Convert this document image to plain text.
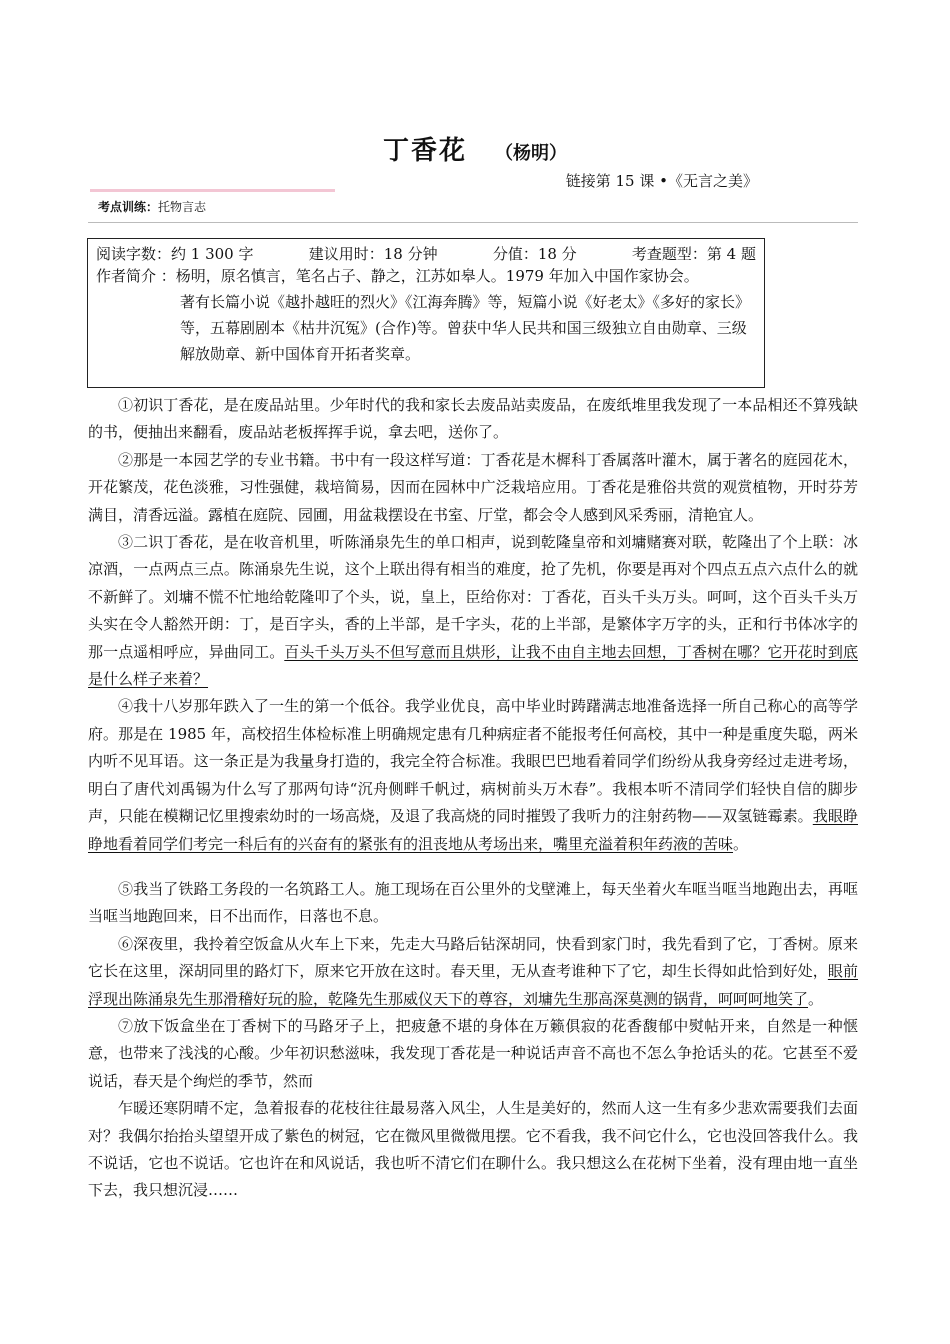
丁香花 （杨明）
链接第 15 课 •《无言之美》
考点训练：托物言志
阅读字数：约 1 300 字	建议用时：18 分钟	分值：18 分	考查题型：第 4 题
作者简介 ：杨明，原名慎言，笔名占子、静之，江苏如皋人。1979 年加入中国作家协会。
著有长篇小说《越扑越旺的烈火》《江海奔腾》等，短篇小说《好老太》《多好的家长》等，五幕剧剧本《枯井沉冤》(合作)等。曾获中华人民共和国三级独立自由勋章、三级解放勋章、新中国体育开拓者奖章。

①初识丁香花，是在废品站里。少年时代的我和家长去废品站卖废品，在废纸堆里我发现了一本品相还不算残缺的书，便抽出来翻看，废品站老板挥挥手说，拿去吧，送你了。

②那是一本园艺学的专业书籍。书中有一段这样写道：丁香花是木樨科丁香属落叶灌木，属于著名的庭园花木，开花繁茂，花色淡雅，习性强健，栽培简易，因而在园林中广泛栽培应用。丁香花是雅俗共赏的观赏植物，开时芬芳满目，清香远溢。露植在庭院、园圃，用盆栽摆设在书室、厅堂，都会令人感到风采秀丽，清艳宜人。

③二识丁香花，是在收音机里，听陈涌泉先生的单口相声，说到乾隆皇帝和刘墉赌赛对联，乾隆出了个上联：冰凉酒，一点两点三点。陈涌泉先生说，这个上联出得有相当的难度，抢了先机，你要是再对个四点五点六点什么的就不新鲜了。刘墉不慌不忙地给乾隆叩了个头，说，皇上，臣给你对：丁香花，百头千头万头。呵呵，这个百头千头万头实在令人豁然开朗：丁，是百字头，香的上半部，是千字头，花的上半部，是繁体字万字的头，正和行书体冰字的那一点遥相呼应，异曲同工。百头千头万头不但写意而且烘形，让我不由自主地去回想，丁香树在哪？它开花时到底是什么样子来着？

④我十八岁那年跌入了一生的第一个低谷。我学业优良，高中毕业时踌躇满志地准备选择一所自己称心的高等学府。那是在 1985 年，高校招生体检标准上明确规定患有几种病症者不能报考任何高校，其中一种是重度失聪，两米内听不见耳语。这一条正是为我量身打造的，我完全符合标准。我眼巴巴地看着同学们纷纷从我身旁经过走进考场，明白了唐代刘禹锡为什么写了那两句诗“沉舟侧畔千帆过，病树前头万木春”。我根本听不清同学们轻快自信的脚步声，只能在模糊记忆里搜索幼时的一场高烧，及退了我高烧的同时摧毁了我听力的注射药物——双氢链霉素。我眼睁睁地看着同学们考完一科后有的兴奋有的紧张有的沮丧地从考场出来，嘴里充溢着积年药液的苦味。

⑤我当了铁路工务段的一名筑路工人。施工现场在百公里外的戈壁滩上，每天坐着火车哐当哐当地跑出去，再哐当哐当地跑回来，日不出而作，日落也不息。

⑥深夜里，我拎着空饭盒从火车上下来，先走大马路后钻深胡同，快看到家门时，我先看到了它，丁香树。原来它长在这里，深胡同里的路灯下，原来它开放在这时。春天里，无从查考谁种下了它，却生长得如此恰到好处，眼前浮现出陈涌泉先生那滑稽好玩的脸，乾隆先生那威仪天下的尊容，刘墉先生那高深莫测的锅背，呵呵呵地笑了。

⑦放下饭盒坐在丁香树下的马路牙子上，把疲惫不堪的身体在万籁俱寂的花香馥郁中熨帖开来，自然是一种惬意，也带来了浅浅的心酸。少年初识愁滋味，我发现丁香花是一种说话声音不高也不怎么争抢话头的花。它甚至不爱说话，春天是个绚烂的季节，然而

乍暖还寒阴晴不定，急着报春的花枝往往最易落入风尘，人生是美好的，然而人这一生有多少悲欢需要我们去面对？我偶尔抬抬头望望开成了紫色的树冠，它在微风里微微甩摆。它不看我，我不问它什么，它也没回答我什么。我不说话，它也不说话。它也许在和风说话，我也听不清它们在聊什么。我只想这么在花树下坐着，没有理由地一直坐下去，我只想沉浸……
